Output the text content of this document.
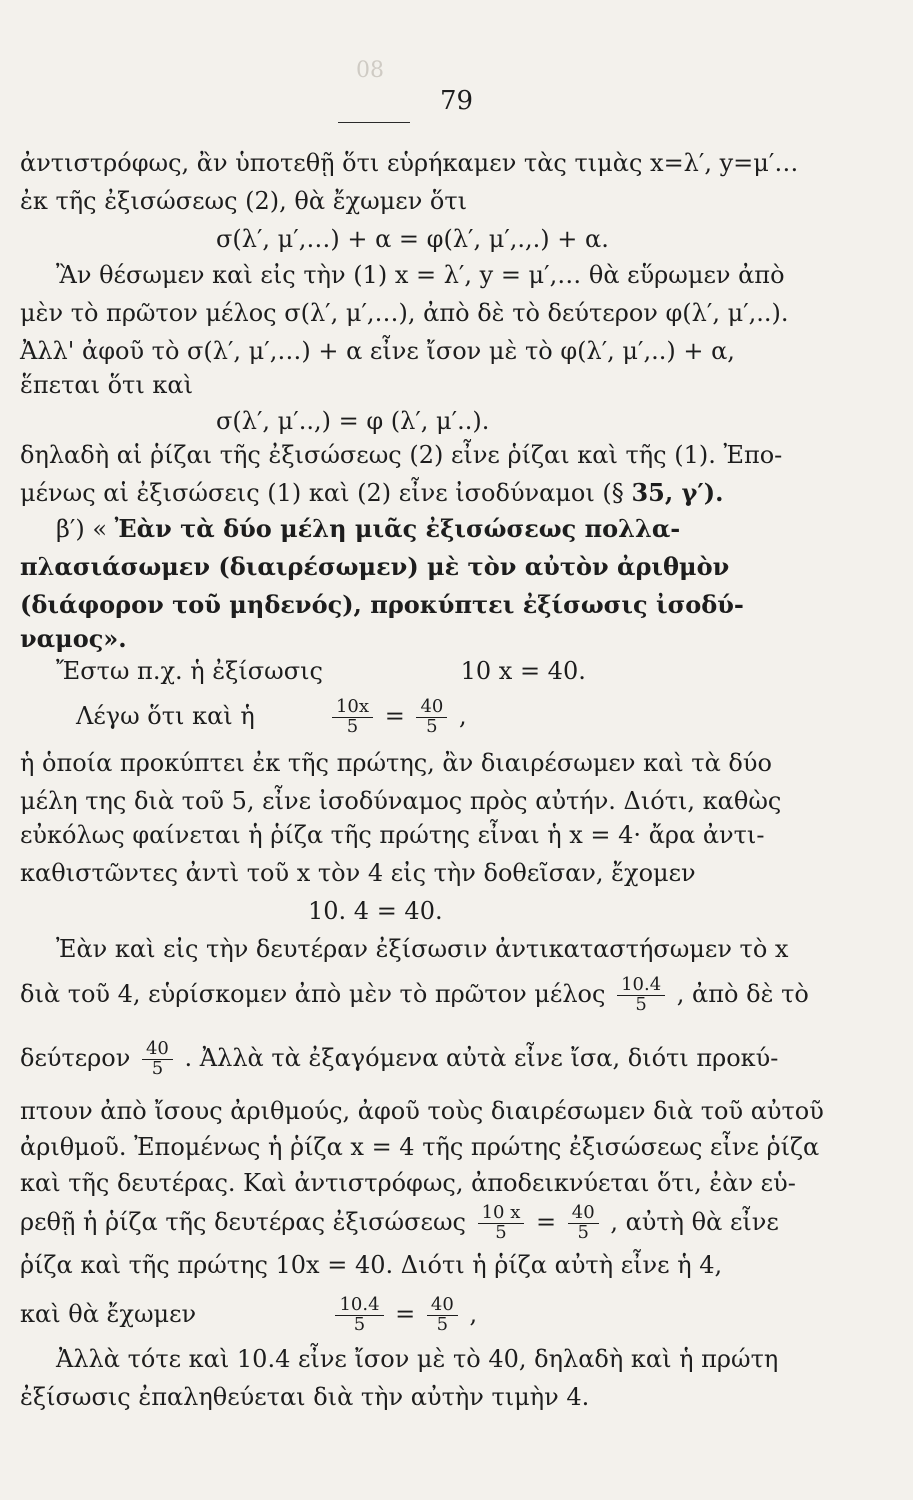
08
79
ἀντιστρόφως, ἂν ὑποτεθῇ ὅτι εὑρήκαμεν τὰς τιμὰς x=λ′, y=μ′…
ἐκ τῆς ἐξισώσεως (2), θὰ ἔχωμεν ὅτι
σ(λ′, μ′,…) + α = φ(λ′, μ′,.,.) + α.
Ἂν θέσωμεν καὶ εἰς τὴν (1) x = λ′, y = μ′,… θὰ εὕρωμεν ἀπὸ
μὲν τὸ πρῶτον μέλος σ(λ′, μ′,…), ἀπὸ δὲ τὸ δεύτερον φ(λ′, μ′,..).
Ἀλλ' ἀφοῦ τὸ σ(λ′, μ′,…) + α εἶνε ἴσον μὲ τὸ φ(λ′, μ′,..) + α,
ἕπεται ὅτι καὶ
σ(λ′, μ′..,) = φ (λ′, μ′..).
δηλαδὴ αἱ ῥίζαι τῆς ἐξισώσεως (2) εἶνε ῥίζαι καὶ τῆς (1). Ἐπο-
μένως αἱ ἐξισώσεις (1) καὶ (2) εἶνε ἰσοδύναμοι (§ 35, γ′).
β′) « Ἐὰν τὰ δύο μέλη μιᾶς ἐξισώσεως πολλα-
πλασιάσωμεν (διαιρέσωμεν) μὲ τὸν αὐτὸν ἀριθμὸν
(διάφορον τοῦ μηδενός), προκύπτει ἐξίσωσις ἰσοδύ-
ναμος».
Ἔστω π.χ. ἡ ἐξίσωσις	10 x = 40.
Λέγω ὅτι καὶ ἡ	$\frac{10x}{5} = \frac{40}{5}$ ,
ἡ ὁποία προκύπτει ἐκ τῆς πρώτης, ἂν διαιρέσωμεν καὶ τὰ δύο
μέλη της διὰ τοῦ 5, εἶνε ἰσοδύναμος πρὸς αὐτήν. Διότι, καθὼς
εὐκόλως φαίνεται ἡ ῥίζα τῆς πρώτης εἶναι ἡ x = 4· ἄρα ἀντι-
καθιστῶντες ἀντὶ τοῦ x τὸν 4 εἰς τὴν δοθεῖσαν, ἔχομεν
10. 4 = 40.
Ἐὰν καὶ εἰς τὴν δευτέραν ἐξίσωσιν ἀντικαταστήσωμεν τὸ x
διὰ τοῦ 4, εὑρίσκομεν ἀπὸ μὲν τὸ πρῶτον μέλος $\frac{10.4}{5}$ , ἀπὸ δὲ τὸ
δεύτερον $\frac{40}{5}$ . Ἀλλὰ τὰ ἐξαγόμενα αὐτὰ εἶνε ἴσα, διότι προκύ-
πτουν ἀπὸ ἴσους ἀριθμούς, ἀφοῦ τοὺς διαιρέσωμεν διὰ τοῦ αὐτοῦ
ἀριθμοῦ. Ἐπομένως ἡ ῥίζα x = 4 τῆς πρώτης ἐξισώσεως εἶνε ῥίζα
καὶ τῆς δευτέρας. Καὶ ἀντιστρόφως, ἀποδεικνύεται ὅτι, ἐὰν εὑ-
ρεθῇ ἡ ῥίζα τῆς δευτέρας ἐξισώσεως $\frac{10 x}{5} = \frac{40}{5}$ , αὐτὴ θὰ εἶνε
ῥίζα καὶ τῆς πρώτης 10x = 40. Διότι ἡ ῥίζα αὐτὴ εἶνε ἡ 4,
καὶ θὰ ἔχωμεν	$\frac{10.4}{5} = \frac{40}{5}$ ,
Ἀλλὰ τότε καὶ 10.4 εἶνε ἴσον μὲ τὸ 40, δηλαδὴ καὶ ἡ πρώτη
ἐξίσωσις ἐπαληθεύεται διὰ τὴν αὐτὴν τιμὴν 4.
